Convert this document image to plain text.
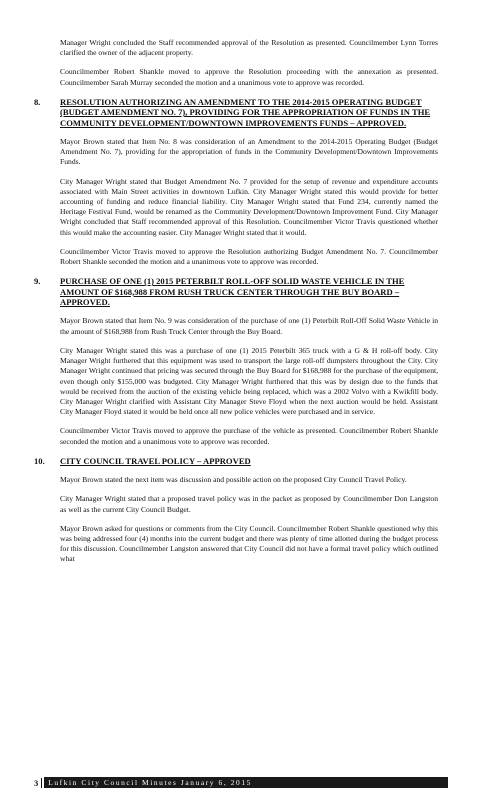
Manager Wright concluded the Staff recommended approval of the Resolution as presented. Councilmember Lynn Torres clarified the owner of the adjacent property.

Councilmember Robert Shankle moved to approve the Resolution proceeding with the annexation as presented. Councilmember Sarah Murray seconded the motion and a unanimous vote to approve was recorded.

8. RESOLUTION AUTHORIZING AN AMENDMENT TO THE 2014-2015 OPERATING BUDGET (BUDGET AMENDMENT NO. 7), PROVIDING FOR THE APPROPRIATION OF FUNDS IN THE COMMUNITY DEVELOPMENT/DOWNTOWN IMPROVEMENTS FUNDS – APPROVED.

Mayor Brown stated that Item No. 8 was consideration of an Amendment to the 2014-2015 Operating Budget (Budget Amendment No. 7), providing for the appropriation of funds in the Community Development/Downtown Improvements Funds.

City Manager Wright stated that Budget Amendment No. 7 provided for the setup of revenue and expenditure accounts associated with Main Street activities in downtown Lufkin. City Manager Wright stated this would provide for better accounting of funding and reduce financial liability. City Manager Wright stated that Fund 234, currently named the Heritage Festival Fund, would be renamed as the Community Development/Downtown Improvement Fund. City Manager Wright concluded that Staff recommended approval of this Resolution. Councilmember Victor Travis questioned whether this would make the accounting easier. City Manager Wright stated that it would.

Councilmember Victor Travis moved to approve the Resolution authorizing Budget Amendment No. 7. Councilmember Robert Shankle seconded the motion and a unanimous vote to approve was recorded.

9. PURCHASE OF ONE (1) 2015 PETERBILT ROLL-OFF SOLID WASTE VEHICLE IN THE AMOUNT OF $168,988 FROM RUSH TRUCK CENTER THROUGH THE BUY BOARD – APPROVED.

Mayor Brown stated that Item No. 9 was consideration of the purchase of one (1) Peterbilt Roll-Off Solid Waste Vehicle in the amount of $168,988 from Rush Truck Center through the Buy Board.

City Manager Wright stated this was a purchase of one (1) 2015 Peterbilt 365 truck with a G & H roll-off body. City Manager Wright furthered that this equipment was used to transport the large roll-off dumpsters throughout the City. City Manager Wright continued that pricing was secured through the Buy Board for $168,988 for the purchase of the equipment, even though only $155,000 was budgeted. City Manager Wright furthered that this was by design due to the funds that would be received from the auction of the existing vehicle being replaced, which was a 2002 Volvo with a Kwikfill body. City Manager Wright clarified with Assistant City Manager Steve Floyd when the next auction would be held. Assistant City Manager Floyd stated it would be held once all new police vehicles were purchased and in service.

Councilmember Victor Travis moved to approve the purchase of the vehicle as presented. Councilmember Robert Shankle seconded the motion and a unanimous vote to approve was recorded.

10. CITY COUNCIL TRAVEL POLICY – APPROVED

Mayor Brown stated the next item was discussion and possible action on the proposed City Council Travel Policy.

City Manager Wright stated that a proposed travel policy was in the packet as proposed by Councilmember Don Langston as well as the current City Council Budget.

Mayor Brown asked for questions or comments from the City Council. Councilmember Robert Shankle questioned why this was being addressed four (4) months into the current budget and there was plenty of time allotted during the budget process for this discussion. Councilmember Langston answered that City Council did not have a formal travel policy which outlined what

3	Lufkin City Council Minutes January 6, 2015
